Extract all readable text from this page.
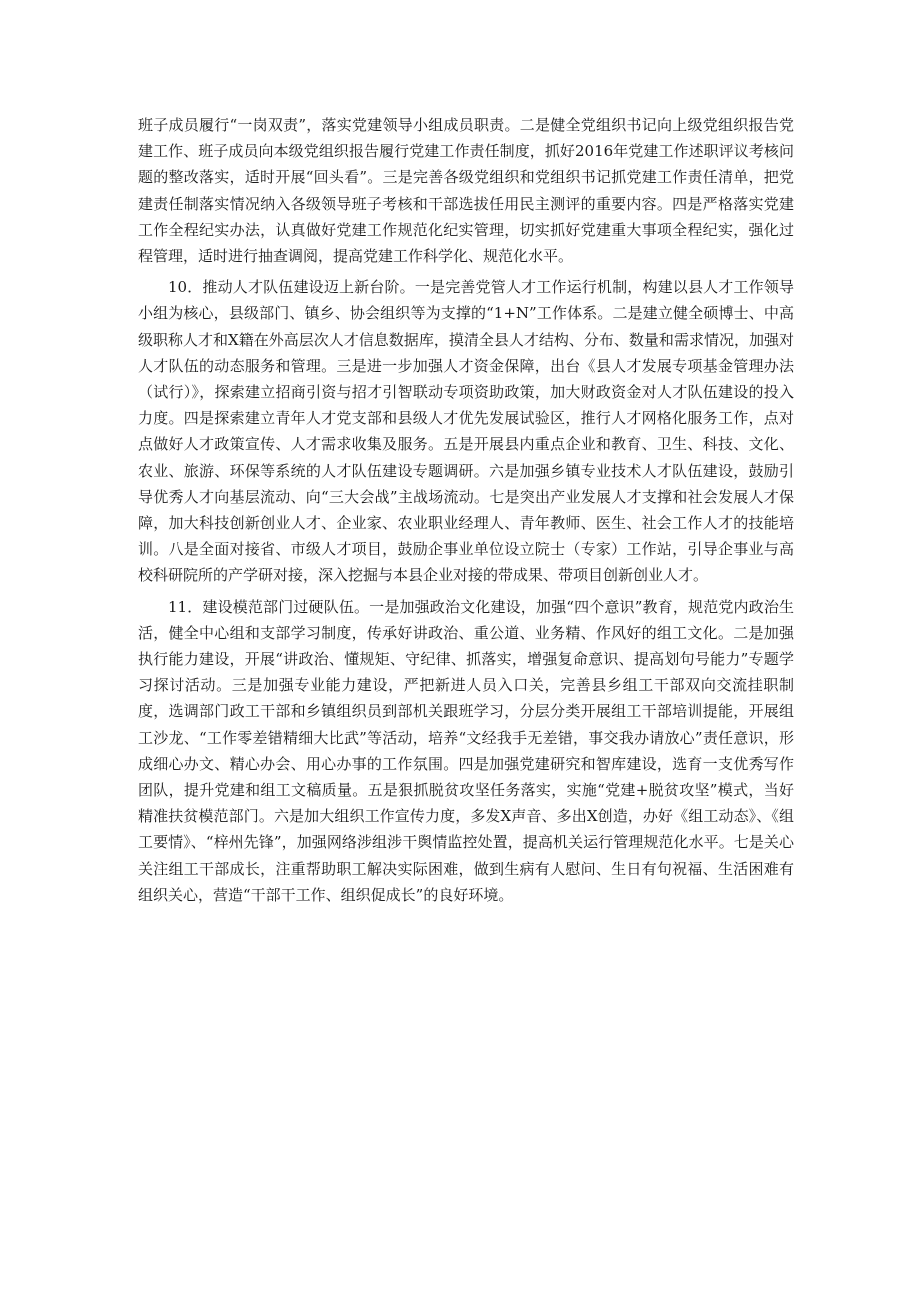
班子成员履行“一岗双责”，落实党建领导小组成员职责。二是健全党组织书记向上级党组织报告党建工作、班子成员向本级党组织报告履行党建工作责任制度，抓好2016年党建工作述职评议考核问题的整改落实，适时开展“回头看”。三是完善各级党组织和党组织书记抓党建工作责任清单，把党建责任制落实情况纳入各级领导班子考核和干部选拔任用民主测评的重要内容。四是严格落实党建工作全程纪实办法，认真做好党建工作规范化纪实管理，切实抓好党建重大事项全程纪实，强化过程管理，适时进行抽查调阅，提高党建工作科学化、规范化水平。

10．推动人才队伍建设迈上新台阶。一是完善党管人才工作运行机制，构建以县人才工作领导小组为核心，县级部门、镇乡、协会组织等为支撑的“1+N”工作体系。二是建立健全硕博士、中高级职称人才和X籍在外高层次人才信息数据库，摸清全县人才结构、分布、数量和需求情况，加强对人才队伍的动态服务和管理。三是进一步加强人才资金保障，出台《县人才发展专项基金管理办法（试行）》，探索建立招商引资与招才引智联动专项资助政策，加大财政资金对人才队伍建设的投入力度。四是探索建立青年人才党支部和县级人才优先发展试验区，推行人才网格化服务工作，点对点做好人才政策宣传、人才需求收集及服务。五是开展县内重点企业和教育、卫生、科技、文化、农业、旅游、环保等系统的人才队伍建设专题调研。六是加强乡镇专业技术人才队伍建设，鼓励引导优秀人才向基层流动、向“三大会战”主战场流动。七是突出产业发展人才支撑和社会发展人才保障，加大科技创新创业人才、企业家、农业职业经理人、青年教师、医生、社会工作人才的技能培训。八是全面对接省、市级人才项目，鼓励企事业单位设立院士（专家）工作站，引导企事业与高校科研院所的产学研对接，深入挖掘与本县企业对接的带成果、带项目创新创业人才。

11．建设模范部门过硬队伍。一是加强政治文化建设，加强“四个意识”教育，规范党内政治生活，健全中心组和支部学习制度，传承好讲政治、重公道、业务精、作风好的组工文化。二是加强执行能力建设，开展“讲政治、懂规矩、守纪律、抓落实，增强复命意识、提高划句号能力”专题学习探讨活动。三是加强专业能力建设，严把新进人员入口关，完善县乡组工干部双向交流挂职制度，选调部门政工干部和乡镇组织员到部机关跟班学习，分层分类开展组工干部培训提能，开展组工沙龙、“工作零差错精细大比武”等活动，培养“文经我手无差错，事交我办请放心”责任意识，形成细心办文、精心办会、用心办事的工作氛围。四是加强党建研究和智库建设，选育一支优秀写作团队，提升党建和组工文稿质量。五是狠抓脱贫攻坚任务落实，实施“党建+脱贫攻坚”模式，当好精准扶贫模范部门。六是加大组织工作宣传力度，多发X声音、多出X创造，办好《组工动态》、《组工要情》、“梓州先锋”，加强网络涉组涉干舆情监控处置，提高机关运行管理规范化水平。七是关心关注组工干部成长，注重帮助职工解决实际困难，做到生病有人慰问、生日有句祝福、生活困难有组织关心，营造“干部干工作、组织促成长”的良好环境。
